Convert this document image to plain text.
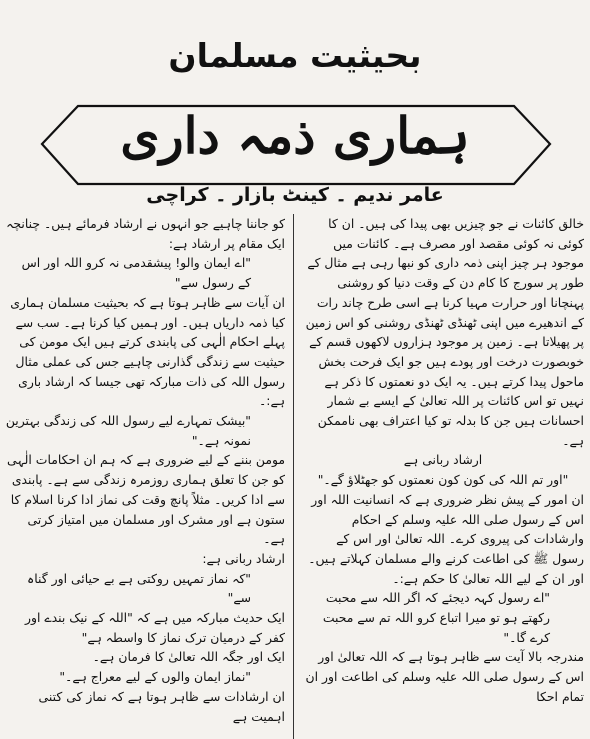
بحیثیت مسلمان
ہماری ذمہ داری
عامر ندیم ۔ کینٹ بازار ۔ کراچی

خالق کائنات نے جو چیزیں بھی پیدا کی ہیں۔ ان کا کوئی نہ کوئی مقصد اور مصرف ہے۔ کائنات میں موجود ہر چیز اپنی ذمہ داری کو نبھا رہی ہے مثال کے طور پر سورج کا کام دن کے وقت دنیا کو روشنی پہنچانا اور حرارت مہیا کرنا ہے اسی طرح چاند رات کے اندھیرے میں اپنی ٹھنڈی ٹھنڈی روشنی کو اس زمین پر پھیلاتا ہے۔ زمین پر موجود ہزاروں لاکھوں قسم کے خوبصورت درخت اور پودے ہیں جو ایک فرحت بخش ماحول پیدا کرتے ہیں۔ یہ ایک دو نعمتوں کا ذکر ہے نہیں تو اس کائنات پر اللہ تعالیٰ کے ایسے بے شمار احسانات ہیں جن کا بدلہ تو کیا اعتراف بھی ناممکن ہے۔

ارشاد ربانی ہے

"اور تم اللہ کی کون کون نعمتوں کو جھٹلاؤ گے۔"

ان امور کے پیش نظر ضروری ہے کہ انسانیت اللہ اور اس کے رسول صلی اللہ علیہ وسلم کے احکام وارشادات کی پیروی کرے۔ اللہ تعالیٰ اور اس کے رسول ﷺ کی اطاعت کرنے والے مسلمان کہلاتے ہیں۔ اور ان کے لیے اللہ تعالیٰ کا حکم ہے:۔

"اے رسول کہہ دیجئے کہ اگر اللہ سے محبت رکھتے ہو تو میرا اتباع کرو اللہ تم سے محبت کرے گا۔"

مندرجہ بالا آیت سے ظاہر ہوتا ہے کہ اللہ تعالیٰ اور اس کے رسول صلی اللہ علیہ وسلم کی اطاعت اور ان تمام احکا

کو جاننا چاہیے جو انہوں نے ارشاد فرمائے ہیں۔ چنانچہ ایک مقام پر ارشاد ہے:

"اے ایمان والو! پیشقدمی نہ کرو اللہ اور اس کے رسول سے"

ان آیات سے ظاہر ہوتا ہے کہ بحیثیت مسلمان ہماری کیا ذمہ داریاں ہیں۔ اور ہمیں کیا کرنا ہے۔ سب سے پہلے احکام الٰہی کی پابندی کرتے ہیں ایک مومن کی حیثیت سے زندگی گذارنی چاہیے جس کی عملی مثال رسول اللہ کی ذات مبارکہ تھی جیسا کہ ارشاد باری ہے:۔

"بیشک تمہارے لیے رسول اللہ کی زندگی بہترین نمونہ ہے۔"

مومن بننے کے لیے ضروری ہے کہ ہم ان احکامات الٰہی کو جن کا تعلق ہماری روزمرہ زندگی سے ہے۔ پابندی سے ادا کریں۔ مثلاً پانچ وقت کی نماز ادا کرنا اسلام کا ستون ہے اور مشرک اور مسلمان میں امتیاز کرتی ہے۔

ارشاد ربانی ہے:

"کہ نماز تمہیں روکتی ہے بے حیائی اور گناہ سے"

ایک حدیث مبارکہ میں ہے کہ "اللہ کے نیک بندے اور کفر کے درمیان ترک نماز کا واسطہ ہے"

ایک اور جگہ اللہ تعالیٰ کا فرمان ہے۔

"نماز ایمان والوں کے لیے معراج ہے۔"

ان ارشادات سے ظاہر ہوتا ہے کہ نماز کی کتنی اہمیت ہے
